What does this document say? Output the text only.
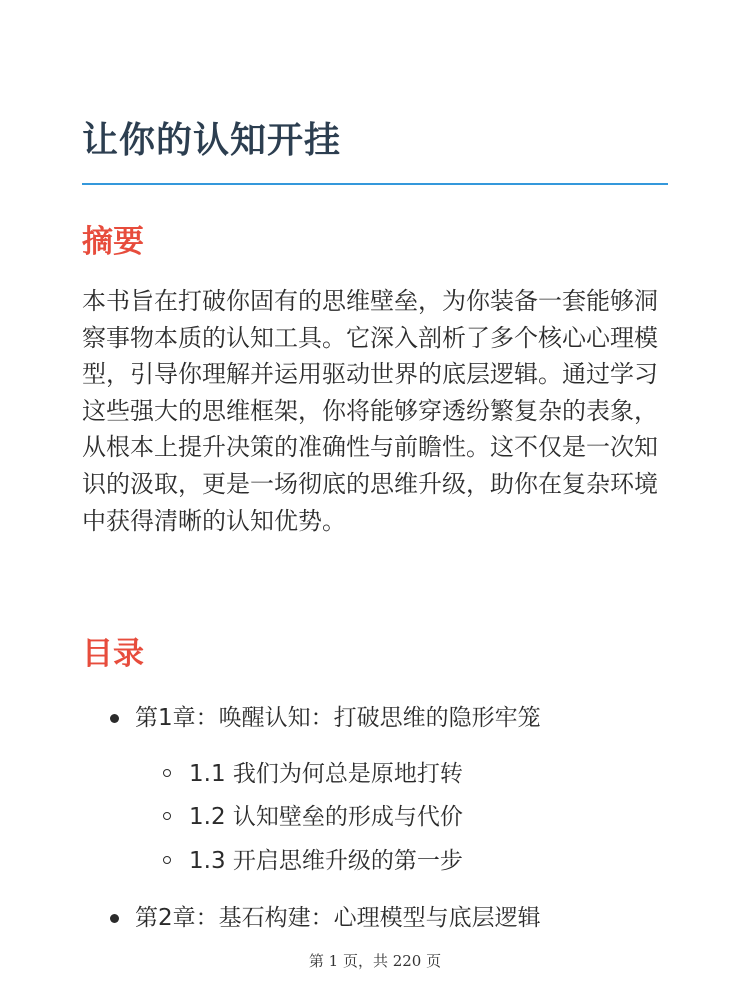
让你的认知开挂
摘要

本书旨在打破你固有的思维壁垒，为你装备一套能够洞察事物本质的认知工具。它深入剖析了多个核心心理模型，引导你理解并运用驱动世界的底层逻辑。通过学习这些强大的思维框架，你将能够穿透纷繁复杂的表象，从根本上提升决策的准确性与前瞻性。这不仅是一次知识的汲取，更是一场彻底的思维升级，助你在复杂环境中获得清晰的认知优势。

目录
第1章：唤醒认知：打破思维的隐形牢笼
1.1 我们为何总是原地打转
1.2 认知壁垒的形成与代价
1.3 开启思维升级的第一步
第2章：基石构建：心理模型与底层逻辑
第 1 页，共 220 页
